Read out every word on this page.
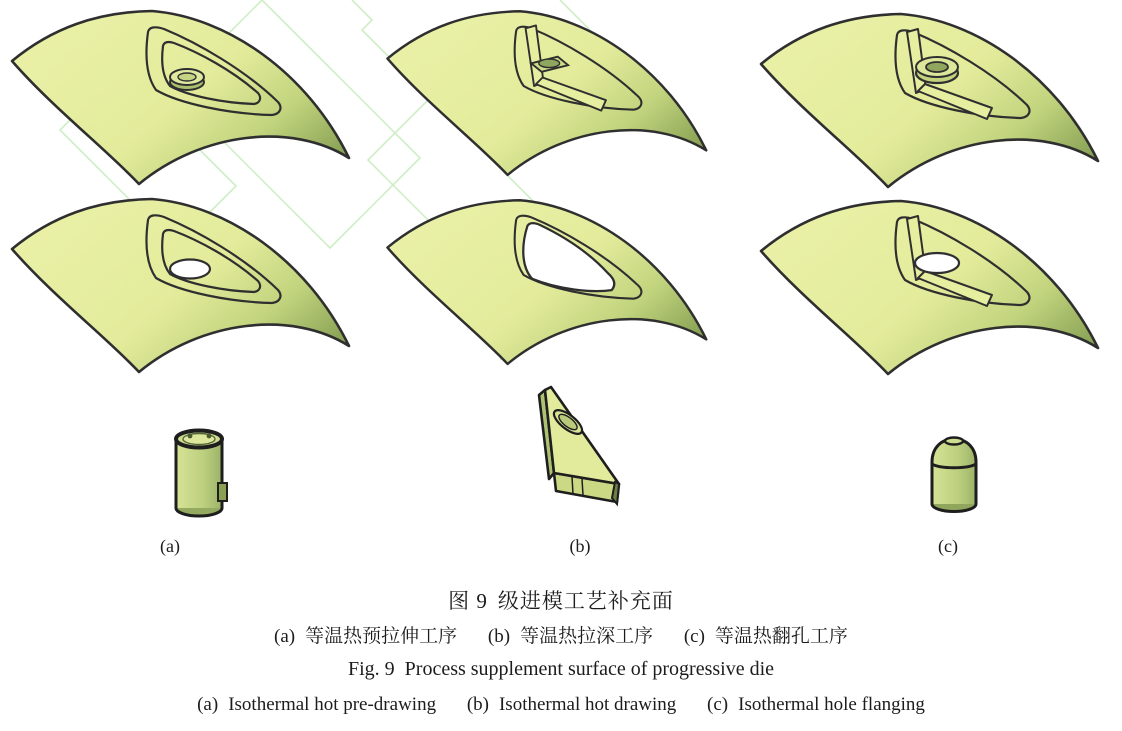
(a)	(b)	(c)
图 9 级进模工艺补充面
(a) 等温热预拉伸工序 (b) 等温热拉深工序 (c) 等温热翻孔工序
Fig. 9 Process supplement surface of progressive die
(a) Isothermal hot pre-drawing (b) Isothermal hot drawing (c) Isothermal hole flanging
